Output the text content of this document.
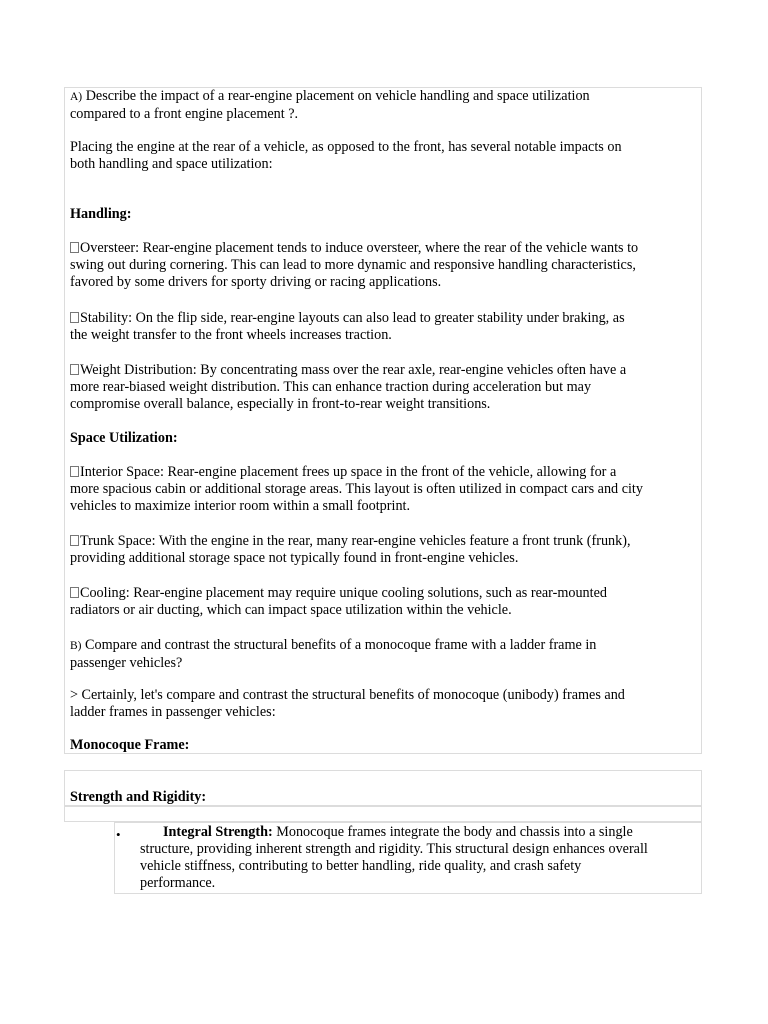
A) Describe the impact of a rear-engine placement on vehicle handling and space utilization
compared to a front engine placement ?.

Placing the engine at the rear of a vehicle, as opposed to the front, has several notable impacts on
both handling and space utilization:

Handling:

Oversteer: Rear-engine placement tends to induce oversteer, where the rear of the vehicle wants to
swing out during cornering. This can lead to more dynamic and responsive handling characteristics,
favored by some drivers for sporty driving or racing applications.

Stability: On the flip side, rear-engine layouts can also lead to greater stability under braking, as
the weight transfer to the front wheels increases traction.

Weight Distribution: By concentrating mass over the rear axle, rear-engine vehicles often have a
more rear-biased weight distribution. This can enhance traction during acceleration but may
compromise overall balance, especially in front-to-rear weight transitions.

Space Utilization:

Interior Space: Rear-engine placement frees up space in the front of the vehicle, allowing for a
more spacious cabin or additional storage areas. This layout is often utilized in compact cars and city
vehicles to maximize interior room within a small footprint.

Trunk Space: With the engine in the rear, many rear-engine vehicles feature a front trunk (frunk),
providing additional storage space not typically found in front-engine vehicles.

Cooling: Rear-engine placement may require unique cooling solutions, such as rear-mounted
radiators or air ducting, which can impact space utilization within the vehicle.

B) Compare and contrast the structural benefits of a monocoque frame with a ladder frame in
passenger vehicles?

> Certainly, let's compare and contrast the structural benefits of monocoque (unibody) frames and
ladder frames in passenger vehicles:

Monocoque Frame:

Strength and Rigidity:

•	Integral Strength: Monocoque frames integrate the body and chassis into a single
structure, providing inherent strength and rigidity. This structural design enhances overall
vehicle stiffness, contributing to better handling, ride quality, and crash safety
performance.
